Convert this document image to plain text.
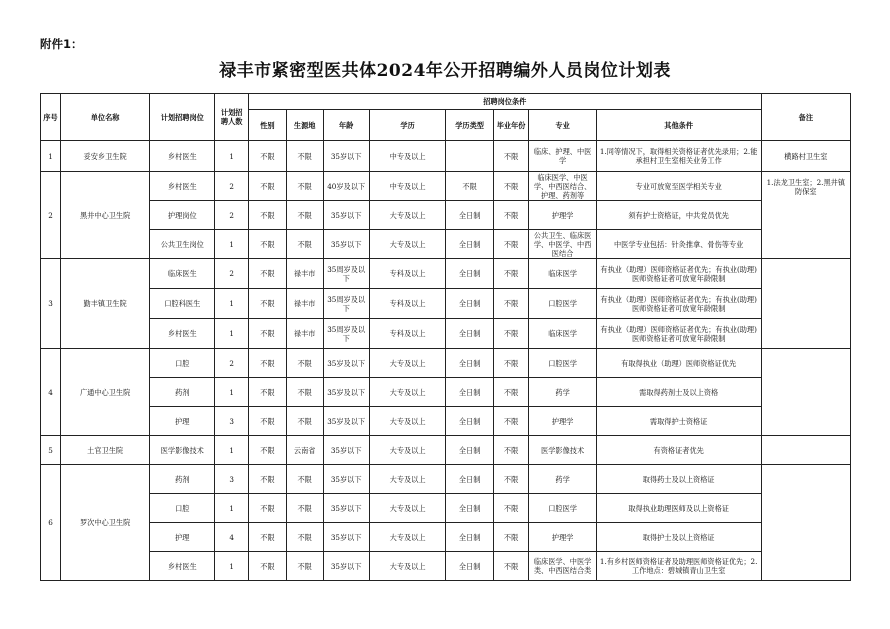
附件1：
禄丰市紧密型医共体2024年公开招聘编外人员岗位计划表
序号	单位名称	计划招聘岗位	计划招聘人数	招聘岗位条件								备注
				性别	生源地	年龄	学历	学历类型	毕业年份	专业	其他条件	
1	妥安乡卫生院	乡村医生	1	不限	不限	35岁以下	中专及以上		不限	临床、护理、中医学	1.同等情况下，取得相关资格证者优先录用；2.能承担村卫生室相关业务工作	横路村卫生室
2	黑井中心卫生院	乡村医生	2	不限	不限	40岁及以下	中专及以上	不限	不限	临床医学、中医学、中西医结合、护理、药剂等	专业可放宽至医学相关专业	1.法龙卫生室；2.黑井镇防保室
		护理岗位	2	不限	不限	35岁以下	大专及以上	全日制	不限	护理学	须有护士资格证，中共党员优先	
		公共卫生岗位	1	不限	不限	35岁以下	大专及以上	全日制	不限	公共卫生、临床医学、中医学、中西医结合	中医学专业包括：针灸推拿、骨伤等专业	
3	勤丰镇卫生院	临床医生	2	不限	禄丰市	35周岁及以下	专科及以上	全日制	不限	临床医学	有执业（助理）医师资格证者优先；有执业(助理)医师资格证者可放宽年龄限制	
		口腔科医生	1	不限	禄丰市	35周岁及以下	专科及以上	全日制	不限	口腔医学	有执业（助理）医师资格证者优先；有执业(助理)医师资格证者可放宽年龄限制	
		乡村医生	1	不限	禄丰市	35周岁及以下	专科及以上	全日制	不限	临床医学	有执业（助理）医师资格证者优先；有执业(助理)医师资格证者可放宽年龄限制	
4	广通中心卫生院	口腔	2	不限	不限	35岁及以下	大专及以上	全日制	不限	口腔医学	有取得执业（助理）医师资格证优先	
		药剂	1	不限	不限	35岁及以下	大专及以上	全日制	不限	药学	需取得药剂士及以上资格	
		护理	3	不限	不限	35岁及以下	大专及以上	全日制	不限	护理学	需取得护士资格证	
5	土官卫生院	医学影像技术	1	不限	云南省	35岁以下	大专及以上	全日制	不限	医学影像技术	有资格证者优先	
6	罗次中心卫生院	药剂	3	不限	不限	35岁以下	大专及以上	全日制	不限	药学	取得药士及以上资格证	
		口腔	1	不限	不限	35岁以下	大专及以上	全日制	不限	口腔医学	取得执业助理医师及以上资格证	
		护理	4	不限	不限	35岁以下	大专及以上	全日制	不限	护理学	取得护士及以上资格证	
		乡村医生	1	不限	不限	35岁以下	大专及以上	全日制	不限	临床医学、中医学类、中西医结合类	1.有乡村医师资格证者及助理医师资格证优先；2.工作地点：碧城镇青山卫生室	
